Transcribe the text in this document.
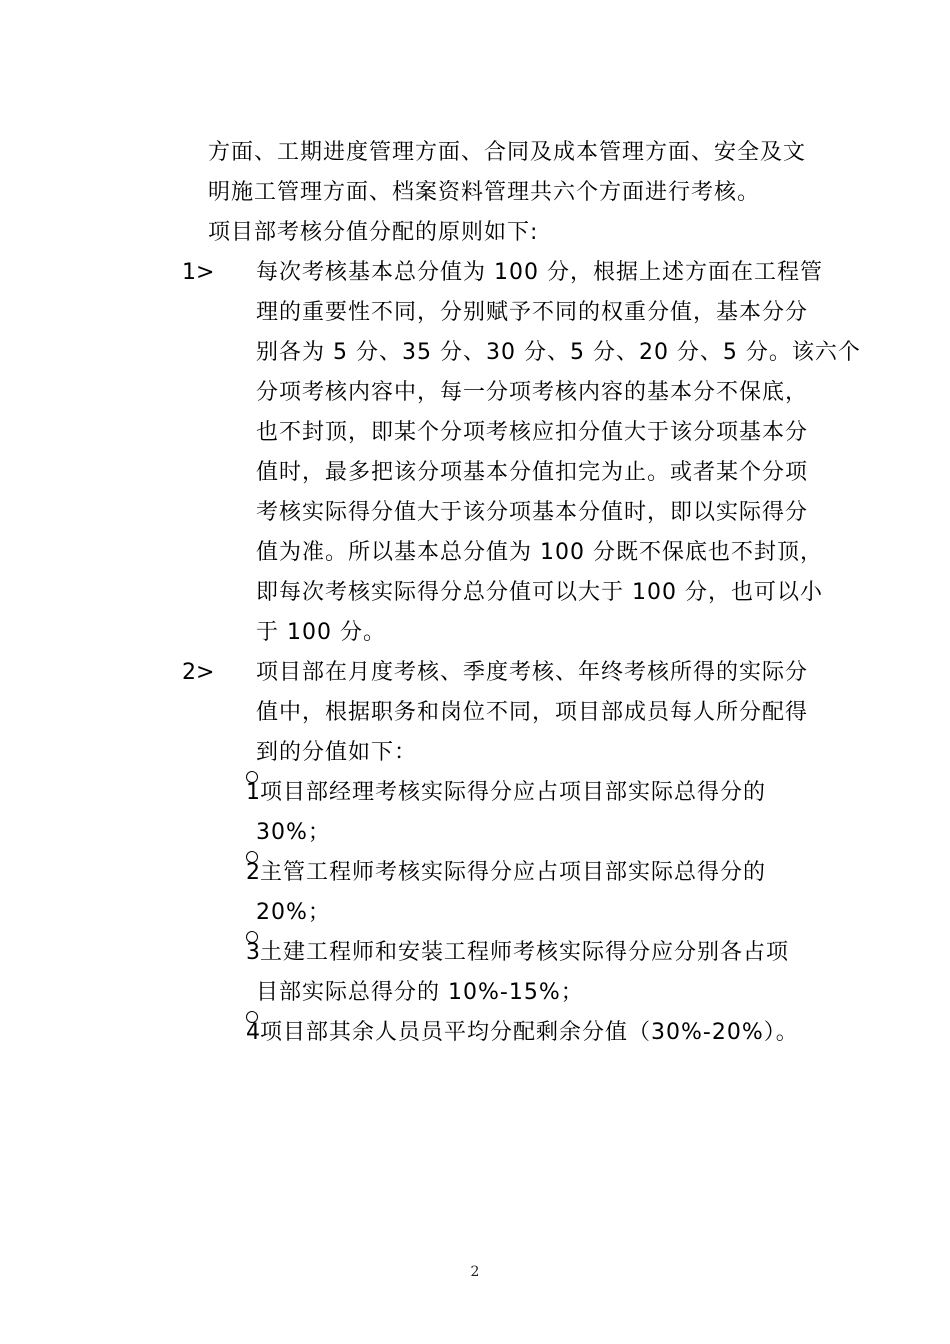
方面、工期进度管理方面、合同及成本管理方面、安全及文
明施工管理方面、档案资料管理共六个方面进行考核。
项目部考核分值分配的原则如下:
1> 每次考核基本总分值为 100 分，根据上述方面在工程管
理的重要性不同，分别赋予不同的权重分值，基本分分
别各为 5 分、35 分、30 分、5 分、20 分、5 分。该六个
分项考核内容中，每一分项考核内容的基本分不保底，
也不封顶，即某个分项考核应扣分值大于该分项基本分
值时，最多把该分项基本分值扣完为止。或者某个分项
考核实际得分值大于该分项基本分值时，即以实际得分
值为准。所以基本总分值为 100 分既不保底也不封顶，
即每次考核实际得分总分值可以大于 100 分，也可以小
于 100 分。
2> 项目部在月度考核、季度考核、年终考核所得的实际分
值中，根据职务和岗位不同，项目部成员每人所分配得
到的分值如下：
1项目部经理考核实际得分应占项目部实际总得分的
30%；
2主管工程师考核实际得分应占项目部实际总得分的
20%；
3土建工程师和安装工程师考核实际得分应分别各占项
目部实际总得分的 10%-15%；
4项目部其余人员员平均分配剩余分值（30%-20%）。
2
